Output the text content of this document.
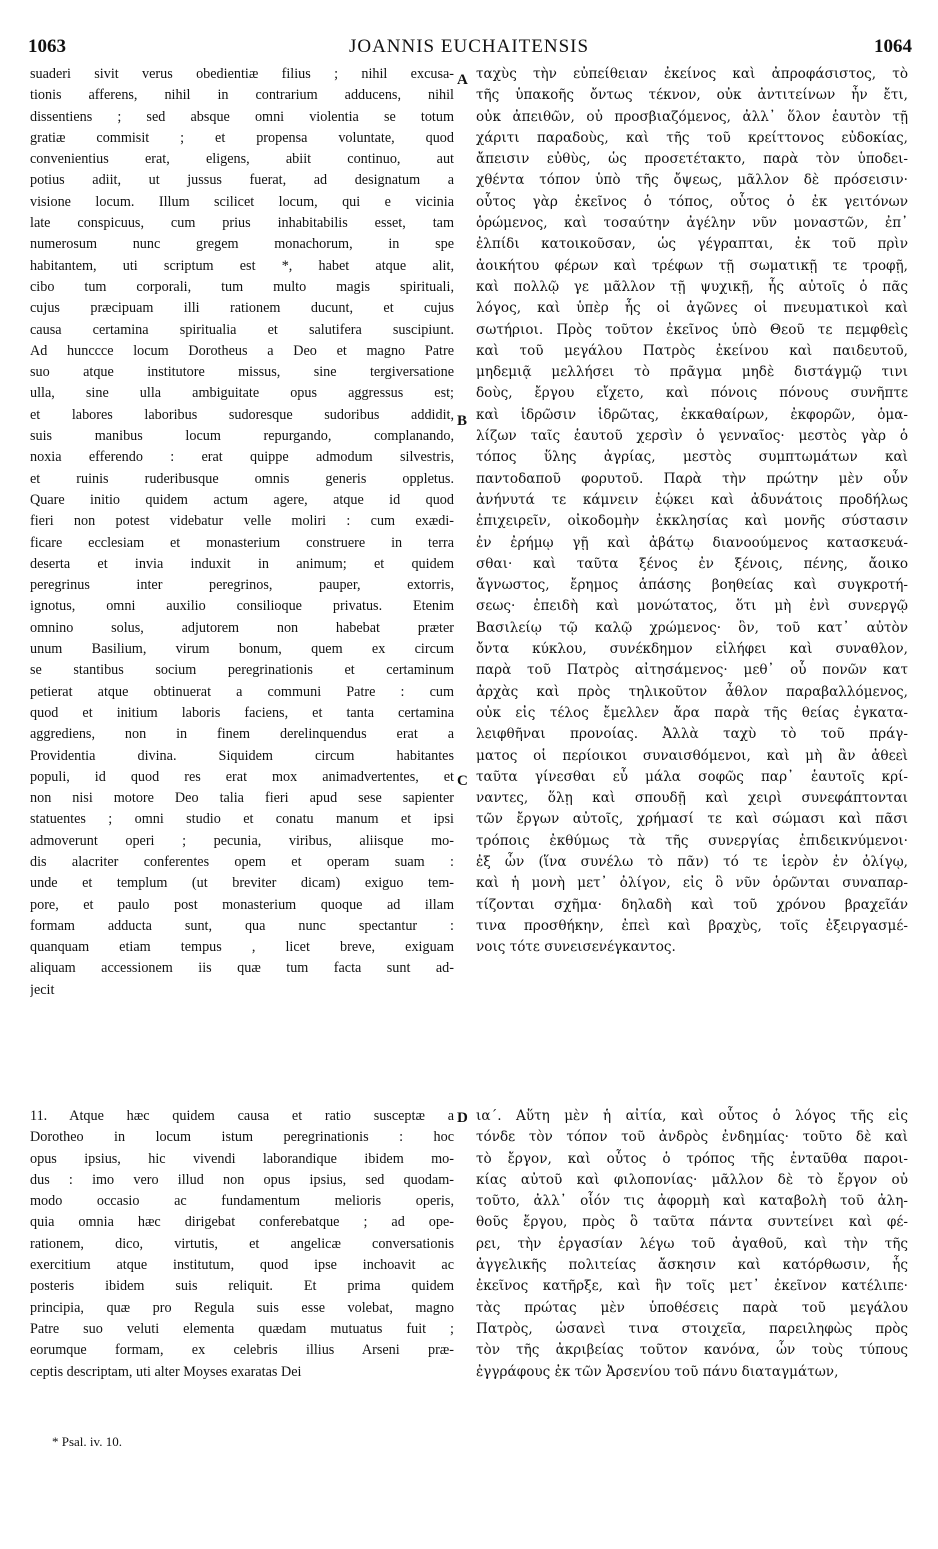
1063	JOANNIS EUCHAITENSIS	1064
suaderi sivit verus obedientiæ filius ; nihil excusa-
tionis afferens, nihil in contrarium adducens, nihil
dissentiens ; sed absque omni violentia se totum
gratiæ commisit ; et propensa voluntate, quod
convenientius erat, eligens, abiit continuo, aut
potius adiit, ut jussus fuerat, ad designatum a
visione locum. Illum scilicet locum, qui e vicinia
late conspicuus, cum prius inhabitabilis esset, tam
numerosum nunc gregem monachorum, in spe
habitantem, uti scriptum est *, habet atque alit,
cibo tum corporali, tum multo magis spirituali,
cujus præcipuam illi rationem ducunt, et cujus
causa certamina spiritualia et salutifera suscipiunt.
Ad hunccce locum Dorotheus a Deo et magno Patre
suo atque institutore missus, sine tergiversatione
ulla, sine ulla ambiguitate opus aggressus est;
et labores laboribus sudoresque sudoribus addidit,
suis manibus locum repurgando, complanando,
noxia efferendo : erat quippe admodum silvestris,
et ruinis ruderibusque omnis generis oppletus.
Quare initio quidem actum agere, atque id quod
fieri non potest videbatur velle moliri : cum exædi-
ficare ecclesiam et monasterium construere in terra
deserta et invia induxit in animum; et quidem
peregrinus inter peregrinos, pauper, extorris,
ignotus, omni auxilio consilioque privatus. Etenim
omnino solus, adjutorem non habebat præter
unum Basilium, virum bonum, quem ex circum
se stantibus socium peregrinationis et certaminum
petierat atque obtinuerat a communi Patre : cum
quod et initium laboris faciens, et tanta certamina
aggrediens, non in finem derelinquendus erat a
Providentia divina. Siquidem circum habitantes
populi, id quod res erat mox animadvertentes, et
non nisi motore Deo talia fieri apud sese sapienter
statuentes ; omni studio et conatu manum et ipsi
admoverunt operi ; pecunia, viribus, aliisque mo-
dis alacriter conferentes opem et operam suam :
unde et templum (ut breviter dicam) exiguo tem-
pore, et paulo post monasterium quoque ad illam
formam adducta sunt, qua nunc spectantur :
quanquam etiam tempus , licet breve, exiguam
aliquam accessionem iis quæ tum facta sunt ad-
jecit
11. Atque hæc quidem causa et ratio susceptæ a
Dorotheo in locum istum peregrinationis : hoc
opus ipsius, hic vivendi laborandique ibidem mo-
dus : imo vero illud non opus ipsius, sed quodam-
modo occasio ac fundamentum melioris operis,
quia omnia hæc dirigebat conferebatque ; ad ope-
rationem, dico, virtutis, et angelicæ conversationis
exercitium atque institutum, quod ipse inchoavit ac
posteris ibidem suis reliquit. Et prima quidem
principia, quæ pro Regula suis esse volebat, magno
Patre suo veluti elementa quædam mutuatus fuit ;
eorumque formam, ex celebris illius Arseni præ-
ceptis descriptam, uti alter Moyses exaratas Dei
ταχὺς τὴν εὐπείθειαν ἐκείνος καὶ ἀπροφάσιστος, τὸ
τῆς ὑπακοῆς ὄντως τέκνον, οὐκ ἀντιτείνων ἦν ἔτι,
οὐκ ἀπειθῶν, οὐ προσβιαζόμενος, ἀλλ᾽ ὅλον ἑαυτὸν τῇ
χάριτι παραδοὺς, καὶ τῆς τοῦ κρείττονος εὐδοκίας,
ἄπεισιν εὐθὺς, ὡς προσετέτακτο, παρὰ τὸν ὑποδει-
χθέντα τόπον ὑπὸ τῆς ὄψεως, μᾶλλον δὲ πρόσεισιν·
οὗτος γὰρ ἐκεῖνος ὁ τόπος, οὗτος ὁ ἐκ γειτόνων
ὁρώμενος, καὶ τοσαύτην ἀγέλην νῦν μοναστῶν, ἐπ᾽
ἐλπίδι κατοικοῦσαν, ὡς γέγραπται, ἐκ τοῦ πρὶν
ἀοικήτου φέρων καὶ τρέφων τῇ σωματικῇ τε τροφῇ,
καὶ πολλῷ γε μᾶλλον τῇ ψυχικῇ, ἧς αὐτοῖς ὁ πᾶς
λόγος, καὶ ὑπὲρ ἧς οἱ ἀγῶνες οἱ πνευματικοὶ καὶ
σωτήριοι. Πρὸς τοῦτον ἐκεῖνος ὑπὸ Θεοῦ τε πεμφθεὶς
καὶ τοῦ μεγάλου Πατρὸς ἐκείνου καὶ παιδευτοῦ,
μηδεμιᾷ μελλήσει τὸ πρᾶγμα μηδὲ διστάγμῷ τινι
δοὺς, ἔργου εἴχετο, καὶ πόνοις πόνους συνῆπτε
καὶ ἱδρῶσιν ἱδρῶτας, ἐκκαθαίρων, ἐκφορῶν, ὁμα-
λίζων ταῖς ἑαυτοῦ χερσὶν ὁ γενναῖος· μεστὸς γὰρ ὁ
τόπος ὕλης ἀγρίας, μεστὸς συμπτωμάτων καὶ
παντοδαποῦ φορυτοῦ. Παρὰ τὴν πρώτην μὲν οὖν
ἀνήνυτά τε κάμνειν ἐῴκει καὶ ἀδυνάτοις προδήλως
ἐπιχειρεῖν, οἰκοδομὴν ἐκκλησίας καὶ μονῆς σύστασιν
ἐν ἐρήμῳ γῇ καὶ ἀβάτῳ διανοούμενος κατασκευά-
σθαι· καὶ ταῦτα ξένος ἐν ξένοις, πένης, ἄοικο
ἄγνωστος, ἔρημος ἁπάσης βοηθείας καὶ συγκροτή-
σεως· ἐπειδὴ καὶ μονώτατος, ὅτι μὴ ἐνὶ συνεργῷ
Βασιλείῳ τῷ καλῷ χρώμενος· ὃν, τοῦ κατ᾽ αὐτὸν
ὄντα κύκλου, συνέκδημον εἰλήφει καὶ συναθλον,
παρὰ τοῦ Πατρὸς αἰτησάμενος· μεθ᾽ οὗ πονῶν κατ
ἀρχὰς καὶ πρὸς τηλικοῦτον ἆθλον παραβαλλόμενος,
οὐκ εἰς τέλος ἔμελλεν ἄρα παρὰ τῆς θείας ἐγκατα-
λειφθῆναι προνοίας. Ἀλλὰ ταχὺ τὸ τοῦ πράγ-
ματος οἱ περίοικοι συναισθόμενοι, καὶ μὴ ἂν ἀθεεὶ
ταῦτα γίνεσθαι εὖ μάλα σοφῶς παρ᾽ ἑαυτοῖς κρί-
ναντες, ὅλῃ καὶ σπουδῇ καὶ χειρὶ συνεφάπτονται
τῶν ἔργων αὐτοῖς, χρήμασί τε καὶ σώμασι καὶ πᾶσι
τρόποις ἐκθύμως τὰ τῆς συνεργίας ἐπιδεικνύμενοι·
ἐξ ὧν (ἵνα συνέλω τὸ πᾶν) τό τε ἱερὸν ἐν ὀλίγῳ,
καὶ ἡ μονὴ μετ᾽ ὀλίγον, εἰς ὃ νῦν ὁρῶνται συναπαρ-
τίζονται σχῆμα· δηλαδὴ καὶ τοῦ χρόνου βραχεῖάν
τινα προσθήκην, ἐπεὶ καὶ βραχὺς, τοῖς ἐξειργασμέ-
νοις τότε συνεισενέγκαντος.
ια΄. Αὕτη μὲν ἡ αἰτία, καὶ οὗτος ὁ λόγος τῆς εἰς
τόνδε τὸν τόπον τοῦ ἀνδρὸς ἐνδημίας· τοῦτο δὲ καὶ
τὸ ἔργον, καὶ οὗτος ὁ τρόπος τῆς ἐνταῦθα παροι-
κίας αὐτοῦ καὶ φιλοπονίας· μᾶλλον δὲ τὸ ἔργον οὐ
τοῦτο, ἀλλ᾽ οἷόν τις ἀφορμὴ καὶ καταβολὴ τοῦ ἀλη-
θοῦς ἔργου, πρὸς ὃ ταῦτα πάντα συντείνει καὶ φέ-
ρει, τὴν ἐργασίαν λέγω τοῦ ἀγαθοῦ, καὶ τὴν τῆς
ἀγγελικῆς πολιτείας ἄσκησιν καὶ κατόρθωσιν, ἧς
ἐκεῖνος κατῆρξε, καὶ ἣν τοῖς μετ᾽ ἐκεῖνον κατέλιπε·
τὰς πρώτας μὲν ὑποθέσεις παρὰ τοῦ μεγάλου
Πατρὸς, ὡσανεὶ τινα στοιχεῖα, παρειληφὼς πρὸς
τὸν τῆς ἀκριβείας τοῦτον κανόνα, ὧν τοὺς τύπους
ἐγγράφους ἐκ τῶν Ἀρσενίου τοῦ πάνυ διαταγμάτων,
A
B
C
D
* Psal. iv. 10.
